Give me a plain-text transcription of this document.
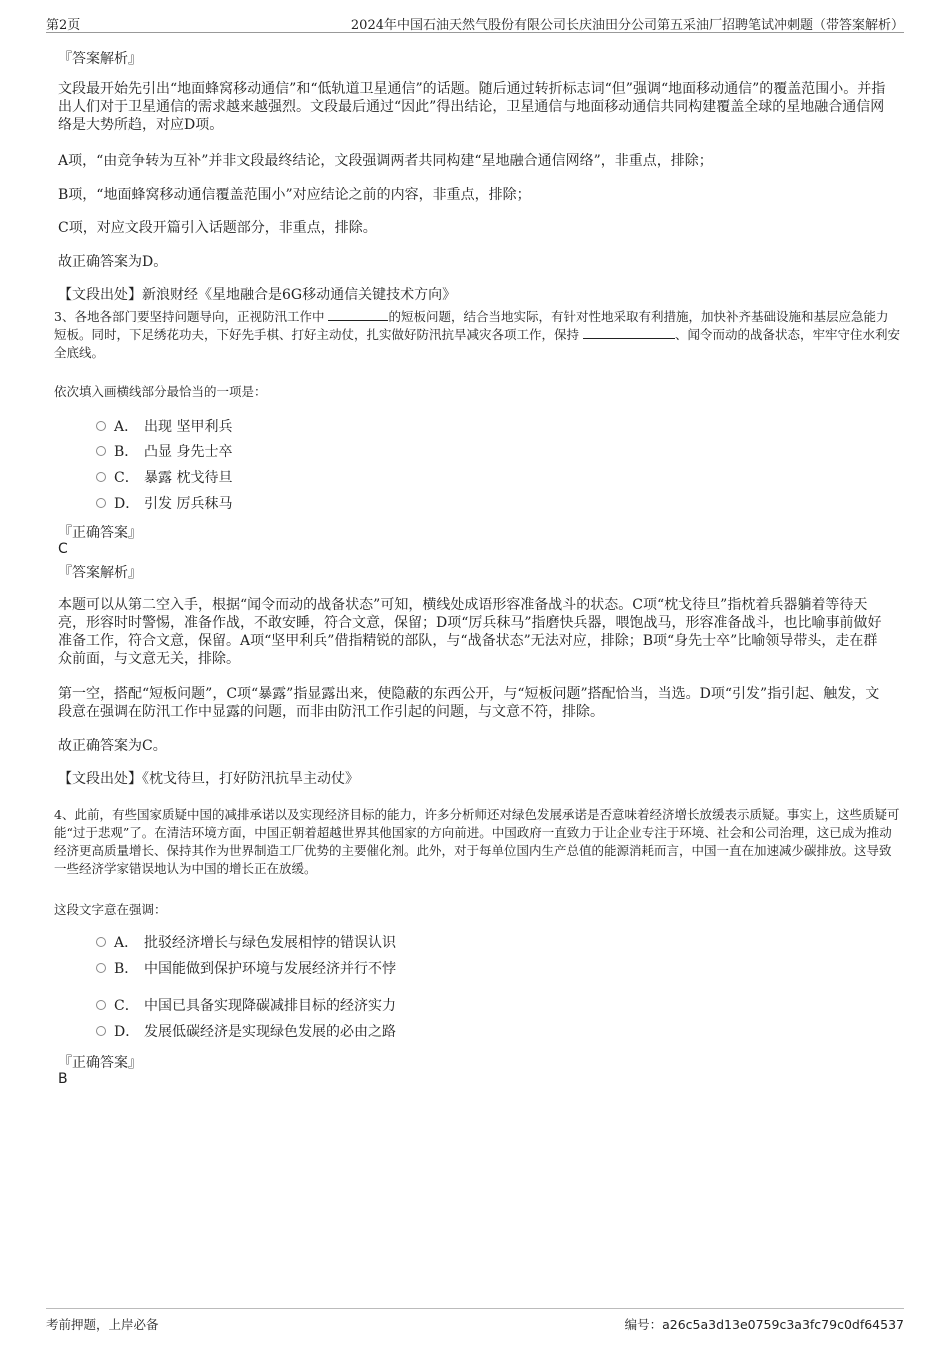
第2页	2024年中国石油天然气股份有限公司长庆油田分公司第五采油厂招聘笔试冲刺题（带答案解析）
『答案解析』
文段最开始先引出“地面蜂窝移动通信”和“低轨道卫星通信”的话题。随后通过转折标志词“但”强调“地面移动通信”的覆盖范围小。并指出人们对于卫星通信的需求越来越强烈。文段最后通过“因此”得出结论，卫星通信与地面移动通信共同构建覆盖全球的星地融合通信网络是大势所趋，对应D项。
A项，“由竞争转为互补”并非文段最终结论，文段强调两者共同构建“星地融合通信网络”，非重点，排除；
B项，“地面蜂窝移动通信覆盖范围小”对应结论之前的内容，非重点，排除；
C项，对应文段开篇引入话题部分，非重点，排除。
故正确答案为D。
【文段出处】新浪财经《星地融合是6G移动通信关键技术方向》
3、各地各部门要坚持问题导向，正视防汛工作中	的短板问题，结合当地实际，有针对性地采取有利措施，加快补齐基础设施和基层应急能力短板。同时，下足绣花功夫，下好先手棋、打好主动仗，扎实做好防汛抗旱减灾各项工作，保持	、闻令而动的战备状态，牢牢守住水利安全底线。
依次填入画横线部分最恰当的一项是：
A． 出现 坚甲利兵
B． 凸显 身先士卒
C． 暴露 枕戈待旦
D． 引发 厉兵秣马
『正确答案』
C
『答案解析』
本题可以从第二空入手，根据“闻令而动的战备状态”可知，横线处成语形容准备战斗的状态。C项“枕戈待旦”指枕着兵器躺着等待天亮，形容时时警惕，准备作战，不敢安睡，符合文意，保留；D项“厉兵秣马”指磨快兵器，喂饱战马，形容准备战斗，也比喻事前做好准备工作，符合文意，保留。A项“坚甲利兵”借指精锐的部队，与“战备状态”无法对应，排除；B项“身先士卒”比喻领导带头，走在群众前面，与文意无关，排除。
第一空，搭配“短板问题”，C项“暴露”指显露出来，使隐蔽的东西公开，与“短板问题”搭配恰当，当选。D项“引发”指引起、触发，文段意在强调在防汛工作中显露的问题，而非由防汛工作引起的问题，与文意不符，排除。
故正确答案为C。
【文段出处】《枕戈待旦，打好防汛抗旱主动仗》
4、此前，有些国家质疑中国的减排承诺以及实现经济目标的能力，许多分析师还对绿色发展承诺是否意味着经济增长放缓表示质疑。事实上，这些质疑可能“过于悲观”了。在清洁环境方面，中国正朝着超越世界其他国家的方向前进。中国政府一直致力于让企业专注于环境、社会和公司治理，这已成为推动经济更高质量增长、保持其作为世界制造工厂优势的主要催化剂。此外，对于每单位国内生产总值的能源消耗而言，中国一直在加速减少碳排放。这导致一些经济学家错误地认为中国的增长正在放缓。
这段文字意在强调：
A． 批驳经济增长与绿色发展相悖的错误认识
B． 中国能做到保护环境与发展经济并行不悖
C． 中国已具备实现降碳减排目标的经济实力
D． 发展低碳经济是实现绿色发展的必由之路
『正确答案』
B
考前押题，上岸必备	编号：a26c5a3d13e0759c3a3fc79c0df64537
